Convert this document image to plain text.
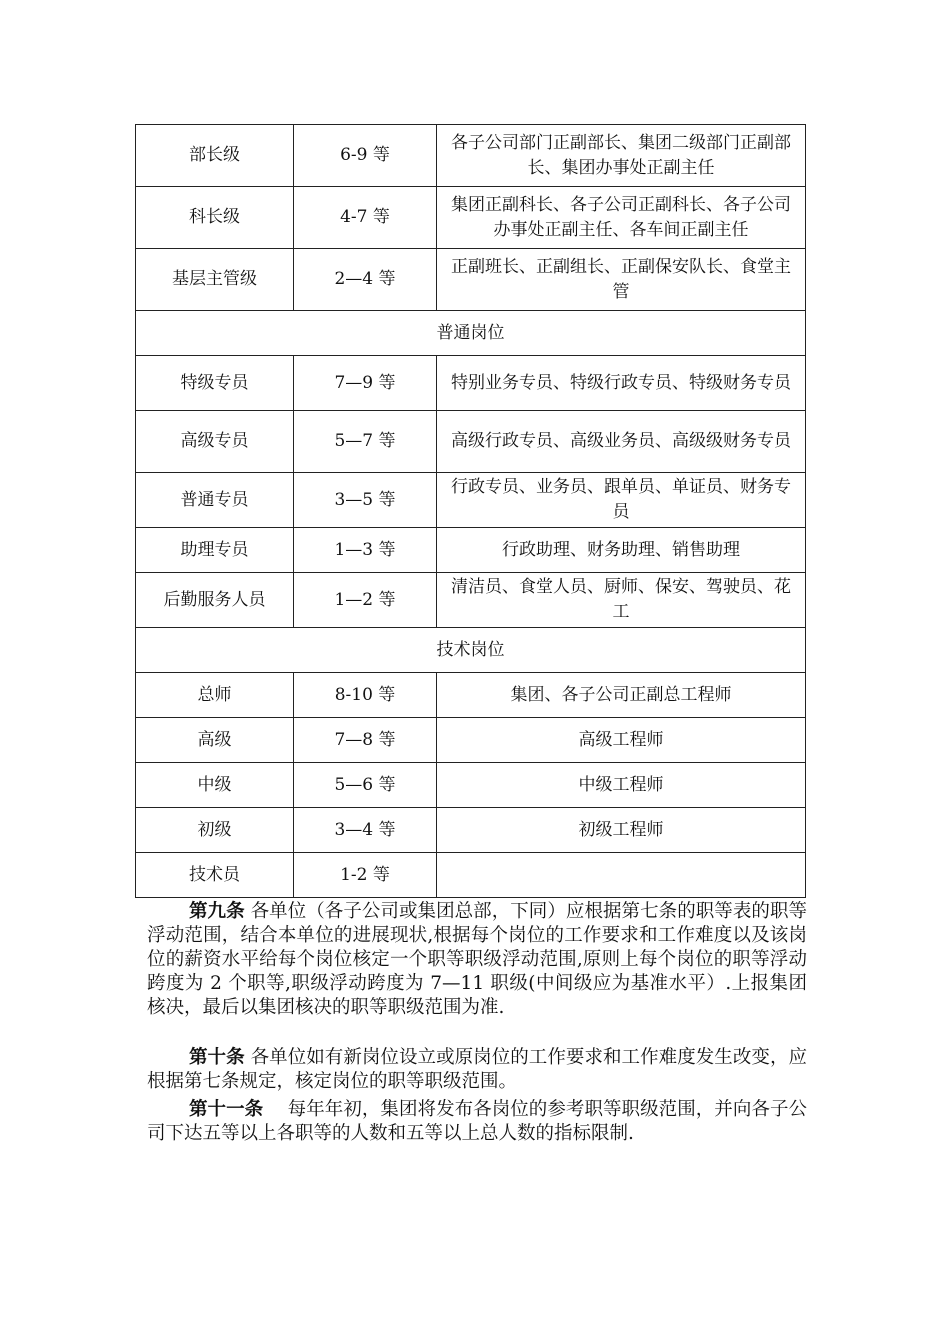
部长级	6-9 等	各子公司部门正副部长、集团二级部门正副部长、集团办事处正副主任
科长级	4-7 等	集团正副科长、各子公司正副科长、各子公司办事处正副主任、各车间正副主任
基层主管级	2—4 等	正副班长、正副组长、正副保安队长、食堂主管
普通岗位		
特级专员	7—9 等	特别业务专员、特级行政专员、特级财务专员
高级专员	5—7 等	高级行政专员、高级业务员、高级级财务专员
普通专员	3—5 等	行政专员、业务员、跟单员、单证员、财务专员
助理专员	1—3 等	行政助理、财务助理、销售助理
后勤服务人员	1—2 等	清洁员、食堂人员、厨师、保安、驾驶员、花工
技术岗位		
总师	8-10 等	集团、各子公司正副总工程师
高级	7—8 等	高级工程师
中级	5—6 等	中级工程师
初级	3—4 等	初级工程师
技术员	1-2 等	

第九条 各单位（各子公司或集团总部，下同）应根据第七条的职等表的职等浮动范围，结合本单位的进展现状,根据每个岗位的工作要求和工作难度以及该岗位的薪资水平给每个岗位核定一个职等职级浮动范围,原则上每个岗位的职等浮动跨度为 2 个职等,职级浮动跨度为 7—11 职级(中间级应为基准水平）.上报集团核决，最后以集团核决的职等职级范围为准.

第十条 各单位如有新岗位设立或原岗位的工作要求和工作难度发生改变，应根据第七条规定，核定岗位的职等职级范围。

第十一条　 每年年初，集团将发布各岗位的参考职等职级范围，并向各子公司下达五等以上各职等的人数和五等以上总人数的指标限制.
